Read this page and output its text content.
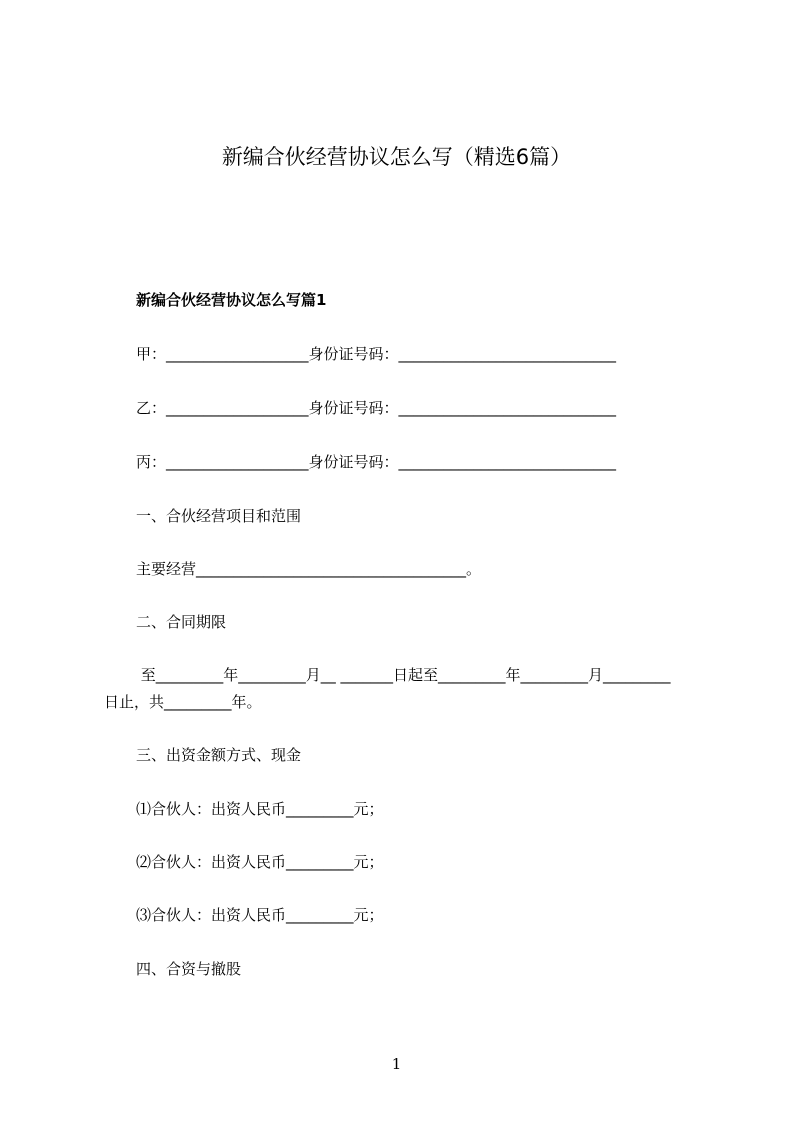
新编合伙经营协议怎么写（精选6篇）
新编合伙经营协议怎么写篇1
甲：___________________身份证号码：_____________________________
乙：___________________身份证号码：_____________________________
丙：___________________身份证号码：_____________________________
一、合伙经营项目和范围
主要经营____________________________________。
二、合同期限
至_________年_________月__ _______日起至_________年_________月_________
日止，共_________年。
三、出资金额方式、现金
⑴合伙人：出资人民币_________元；
⑵合伙人：出资人民币_________元；
⑶合伙人：出资人民币_________元；
四、合资与撤股
1
